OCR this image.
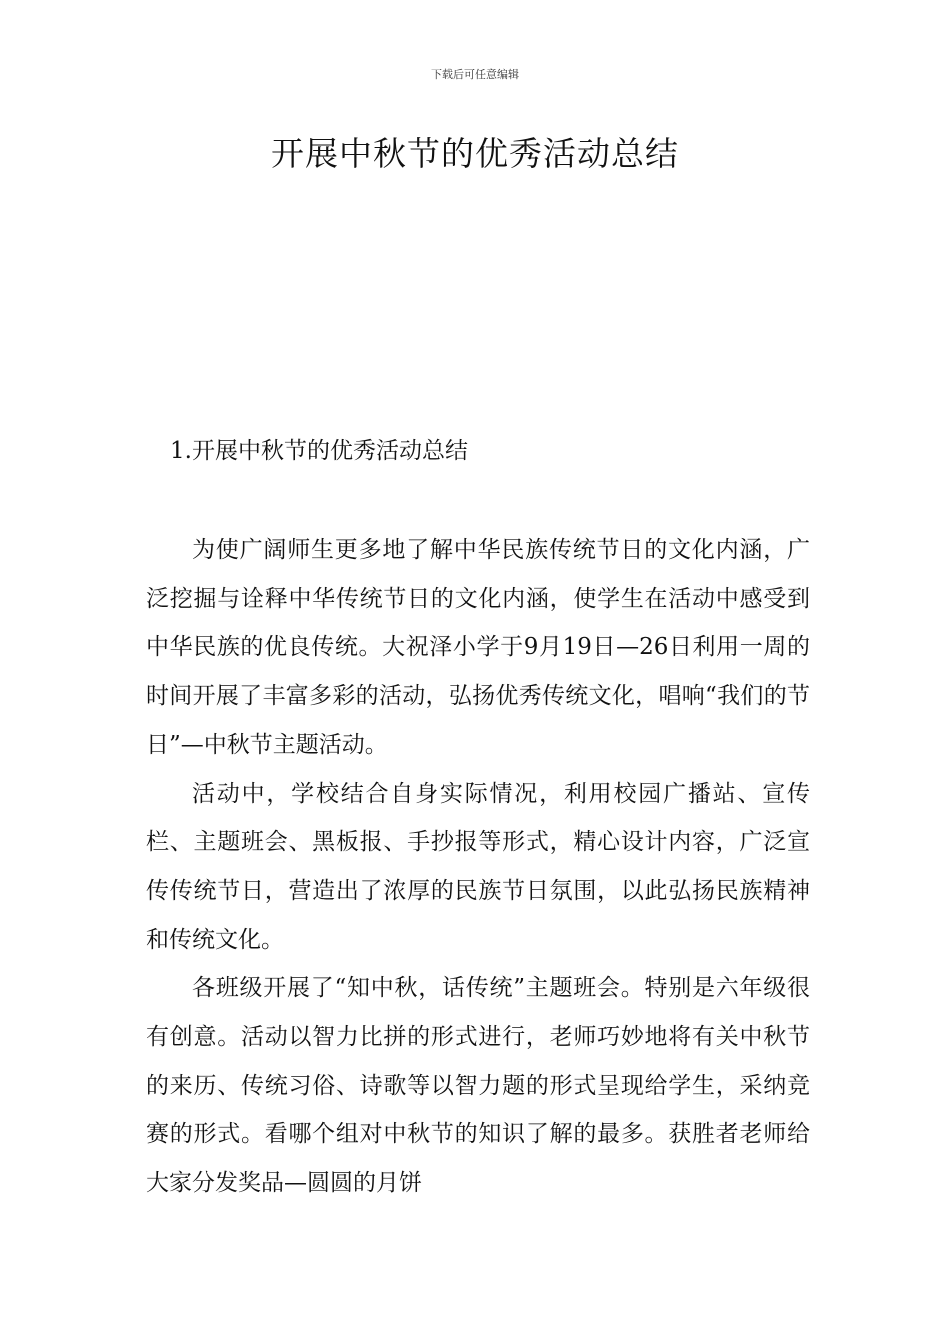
下载后可任意编辑
开展中秋节的优秀活动总结
1.开展中秋节的优秀活动总结

为使广阔师生更多地了解中华民族传统节日的文化内涵，广泛挖掘与诠释中华传统节日的文化内涵，使学生在活动中感受到中华民族的优良传统。大祝泽小学于9月19日—26日利用一周的时间开展了丰富多彩的活动，弘扬优秀传统文化，唱响“我们的节日”—中秋节主题活动。

活动中，学校结合自身实际情况，利用校园广播站、宣传栏、主题班会、黑板报、手抄报等形式，精心设计内容，广泛宣传传统节日，营造出了浓厚的民族节日氛围，以此弘扬民族精神和传统文化。

各班级开展了“知中秋，话传统”主题班会。特别是六年级很有创意。活动以智力比拼的形式进行，老师巧妙地将有关中秋节的来历、传统习俗、诗歌等以智力题的形式呈现给学生，采纳竞赛的形式。看哪个组对中秋节的知识了解的最多。获胜者老师给大家分发奖品—圆圆的月饼
